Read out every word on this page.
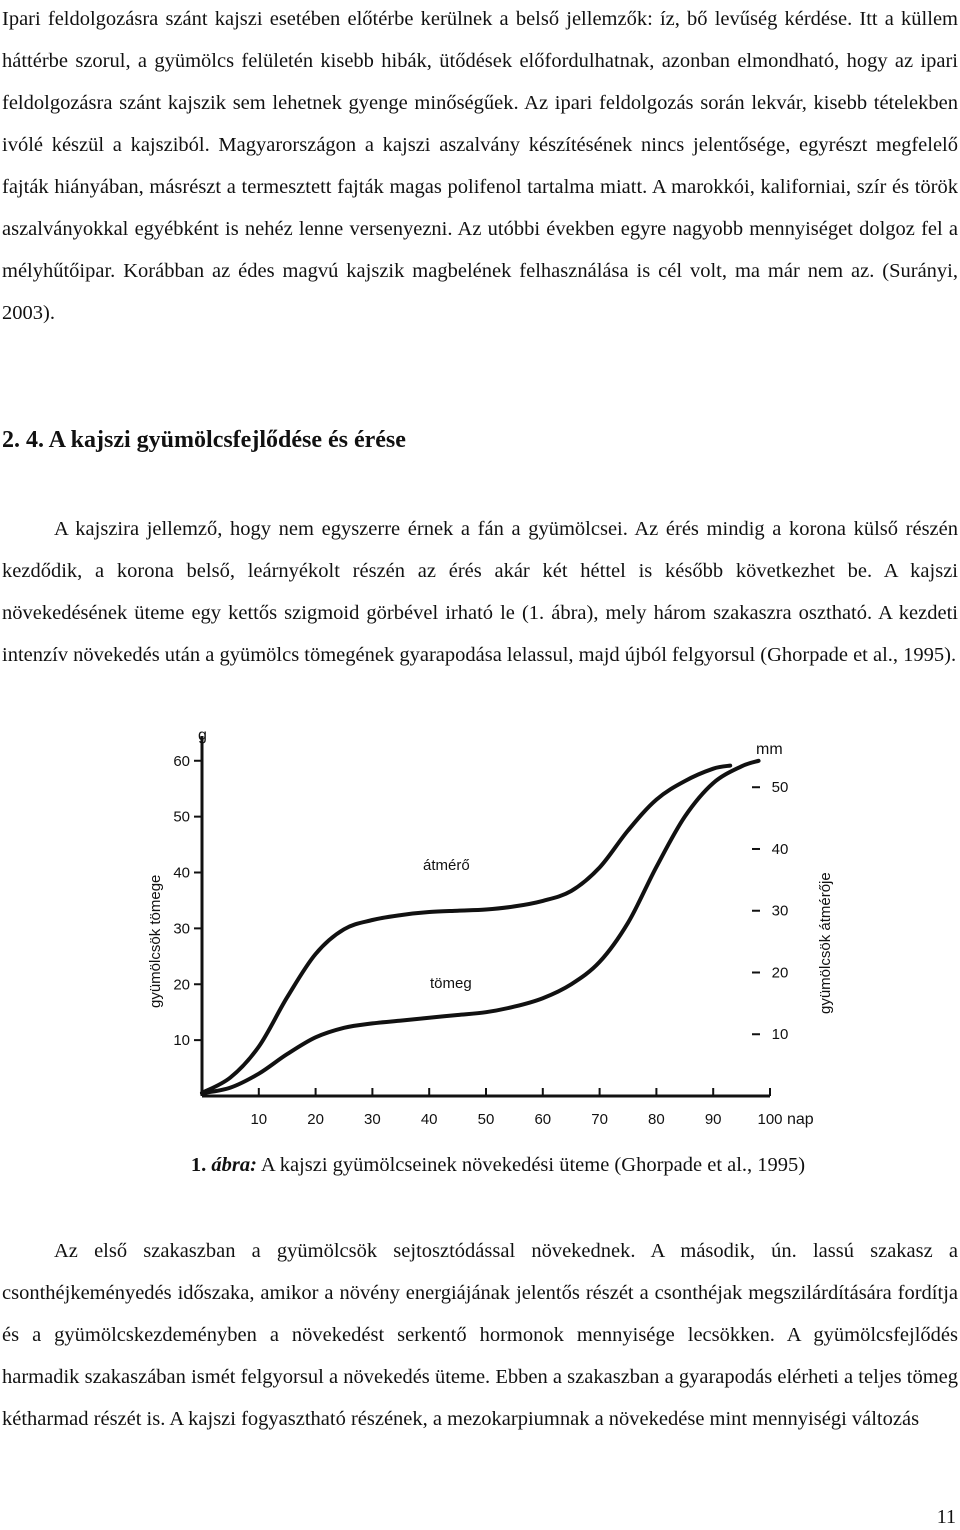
Ipari feldolgozásra szánt kajszi esetében előtérbe kerülnek a belső jellemzők: íz, bő levűség kérdése. Itt a küllem háttérbe szorul, a gyümölcs felületén kisebb hibák, ütődések előfordulhatnak, azonban elmondható, hogy az ipari feldolgozásra szánt kajszik sem lehetnek gyenge minőségűek. Az ipari feldolgozás során lekvár, kisebb tételekben ivólé készül a kajsziból. Magyarországon a kajszi aszalvány készítésének nincs jelentősége, egyrészt megfelelő fajták hiányában, másrészt a termesztett fajták magas polifenol tartalma miatt. A marokkói, kaliforniai, szír és török aszalványokkal egyébként is nehéz lenne versenyezni. Az utóbbi években egyre nagyobb mennyiséget dolgoz fel a mélyhűtőipar. Korábban az édes magvú kajszik magbelének felhasználása is cél volt, ma már nem az. (Surányi, 2003).

2. 4. A kajszi gyümölcsfejlődése és érése

A kajszira jellemző, hogy nem egyszerre érnek a fán a gyümölcsei. Az érés mindig a korona külső részén kezdődik, a korona belső, leárnyékolt részén az érés akár két héttel is később következhet be. A kajszi növekedésének üteme egy kettős szigmoid görbével irható le (1. ábra), mely három szakaszra osztható. A kezdeti intenzív növekedés után a gyümölcs tömegének gyarapodása lelassul, majd újból felgyorsul (Ghorpade et al., 1995).

g
gyümölcsök tömege
mm
gyümölcsök átmérője
nap
átmérő
tömeg
60
50
40
30
20
10
50
40
30
20
10
10	20	30	40	50	60	70	80	90 100

1. ábra: A kajszi gyümölcseinek növekedési üteme (Ghorpade et al., 1995)

Az első szakaszban a gyümölcsök sejtosztódással növekednek. A második, ún. lassú szakasz a csonthéjkeményedés időszaka, amikor a növény energiájának jelentős részét a csonthéjak megszilárdítására fordítja és a gyümölcskezdeményben a növekedést serkentő hormonok mennyisége lecsökken. A gyümölcsfejlődés harmadik szakaszában ismét felgyorsul a növekedés üteme. Ebben a szakaszban a gyarapodás elérheti a teljes tömeg kétharmad részét is. A kajszi fogyasztható részének, a mezokarpiumnak a növekedése mint mennyiségi változás

11
